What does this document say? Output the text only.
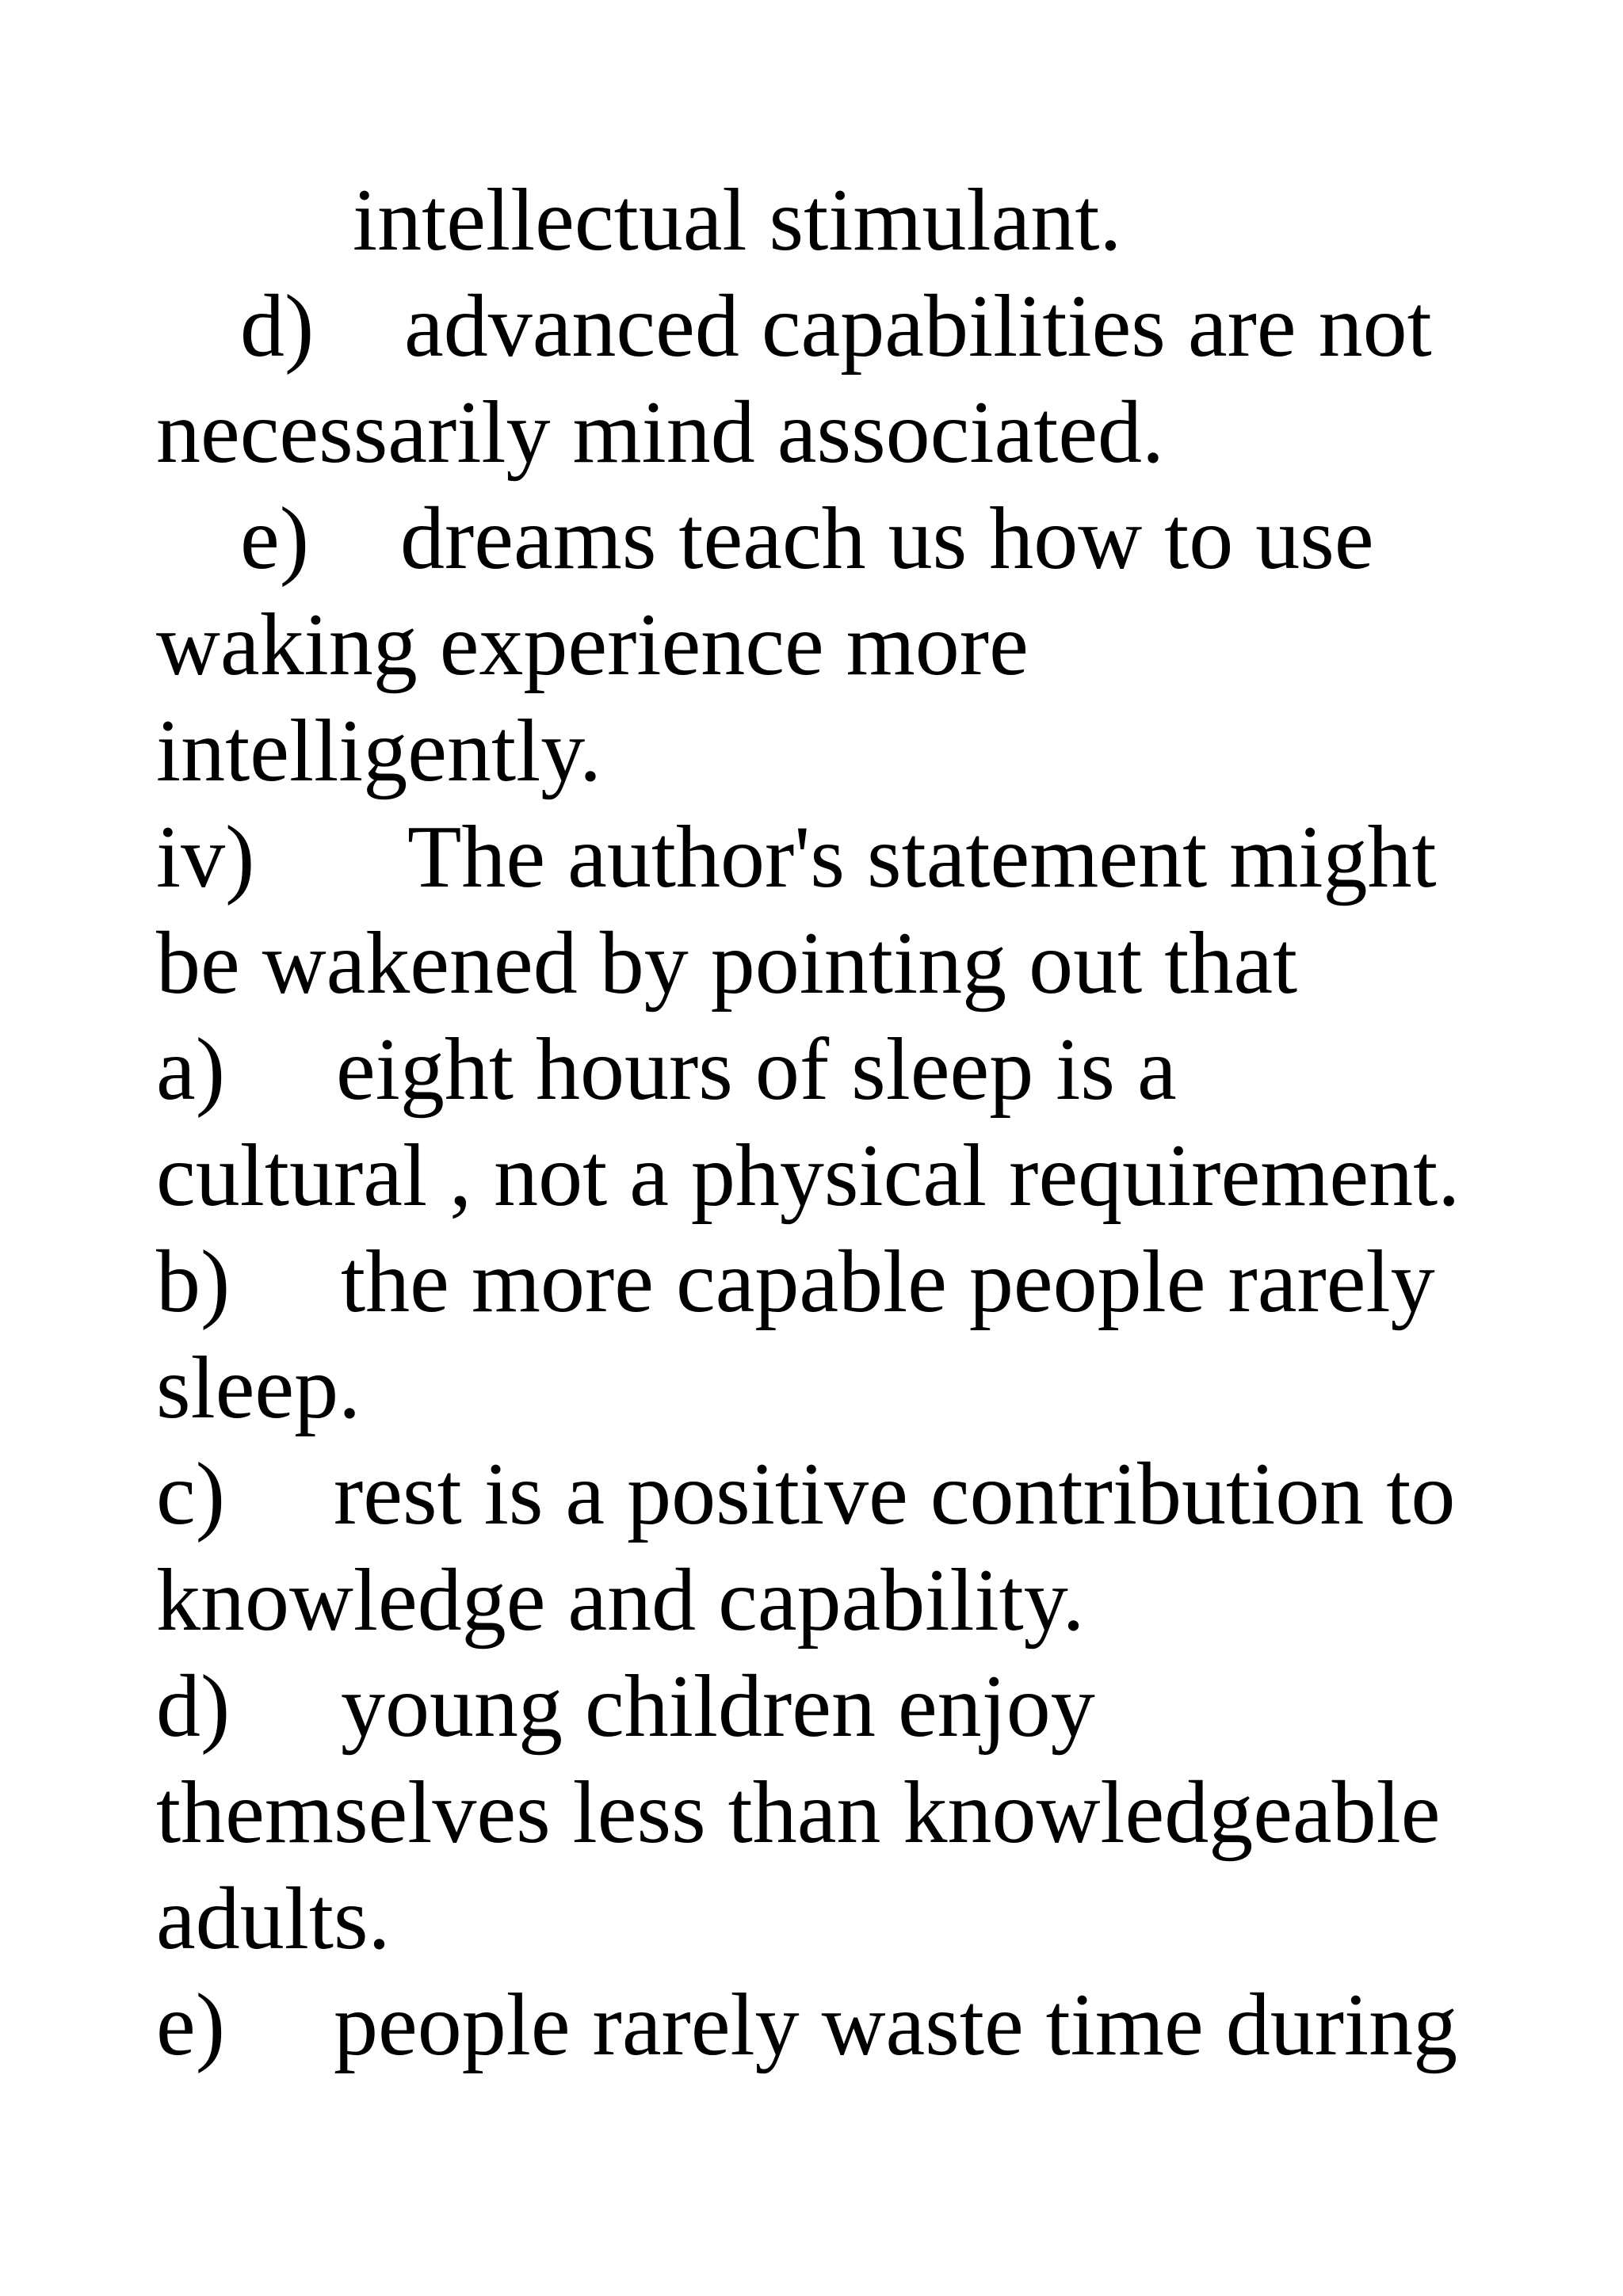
intellectual stimulant.
d) advanced capabilities are not
necessarily mind associated.
e) dreams teach us how to use
waking experience more
intelligently.
iv) The author's statement might
be wakened by pointing out that
a) eight hours of sleep is a
cultural , not a physical requirement.
b) the more capable people rarely
sleep.
c) rest is a positive contribution to
knowledge and capability.
d) young children enjoy
themselves less than knowledgeable
adults.
e) people rarely waste time during
